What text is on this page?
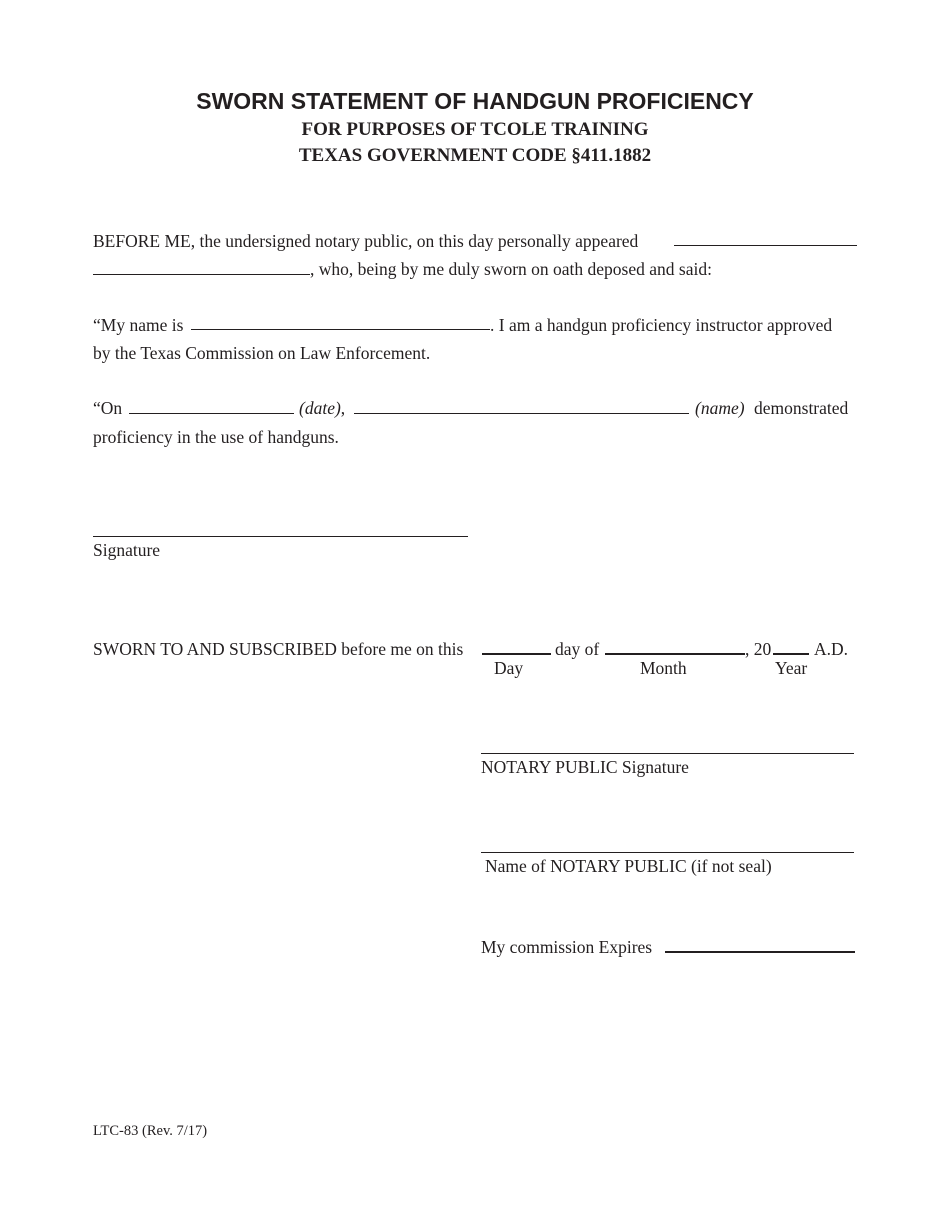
SWORN STATEMENT OF HANDGUN PROFICIENCY
FOR PURPOSES OF TCOLE TRAINING
TEXAS GOVERNMENT CODE §411.1882
BEFORE ME, the undersigned notary public, on this day personally appeared
, who, being by me duly sworn on oath deposed and said:
“My name is	. I am a handgun proficiency instructor approved
by the Texas Commission on Law Enforcement.
“On	(date),	(name) demonstrated
proficiency in the use of handguns.
Signature
SWORN TO AND SUBSCRIBED before me on this	day of	, 20 A.D.
Day	Month	Year
NOTARY PUBLIC Signature
Name of NOTARY PUBLIC (if not seal)
My commission Expires
LTC-83 (Rev. 7/17)
